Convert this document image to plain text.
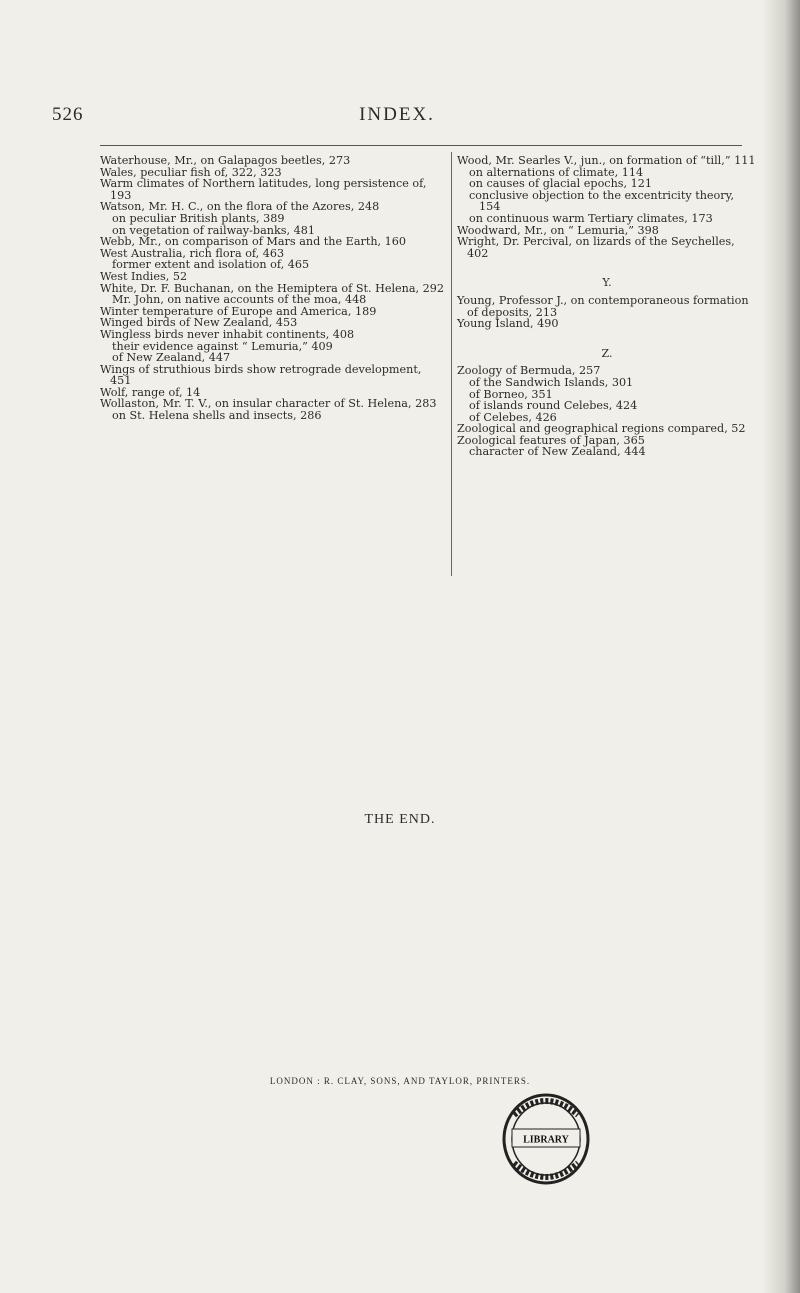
INDEX.
526
Waterhouse, Mr., on Galapagos beetles, 273
Wales, peculiar fish of, 322, 323
Warm climates of Northern latitudes, long persistence of, 193
Watson, Mr. H. C., on the flora of the Azores, 248
on peculiar British plants, 389
on vegetation of railway-banks, 481
Webb, Mr., on comparison of Mars and the Earth, 160
West Australia, rich flora of, 463
former extent and isolation of, 465
West Indies, 52
White, Dr. F. Buchanan, on the Hemiptera of St. Helena, 292
Mr. John, on native accounts of the moa, 448
Winter temperature of Europe and America, 189
Winged birds of New Zealand, 453
Wingless birds never inhabit continents, 408
their evidence against “ Lemuria,” 409
of New Zealand, 447
Wings of struthious birds show retrograde development, 451
Wolf, range of, 14
Wollaston, Mr. T. V., on insular character of St. Helena, 283
on St. Helena shells and insects, 286
Wood, Mr. Searles V., jun., on formation of “till,” 111
on alternations of climate, 114
on causes of glacial epochs, 121
conclusive objection to the excentricity theory, 154
on continuous warm Tertiary climates, 173
Woodward, Mr., on “ Lemuria,” 398
Wright, Dr. Percival, on lizards of the Seychelles, 402
Y.
Young, Professor J., on contemporaneous formation of deposits, 213
Young Island, 490
Z.
Zoology of Bermuda, 257
of the Sandwich Islands, 301
of Borneo, 351
of islands round Celebes, 424
of Celebes, 426
Zoological and geographical regions compared, 52
Zoological features of Japan, 365
character of New Zealand, 444
THE END.
LONDON : R. CLAY, SONS, AND TAYLOR, PRINTERS.
LIBRARY
